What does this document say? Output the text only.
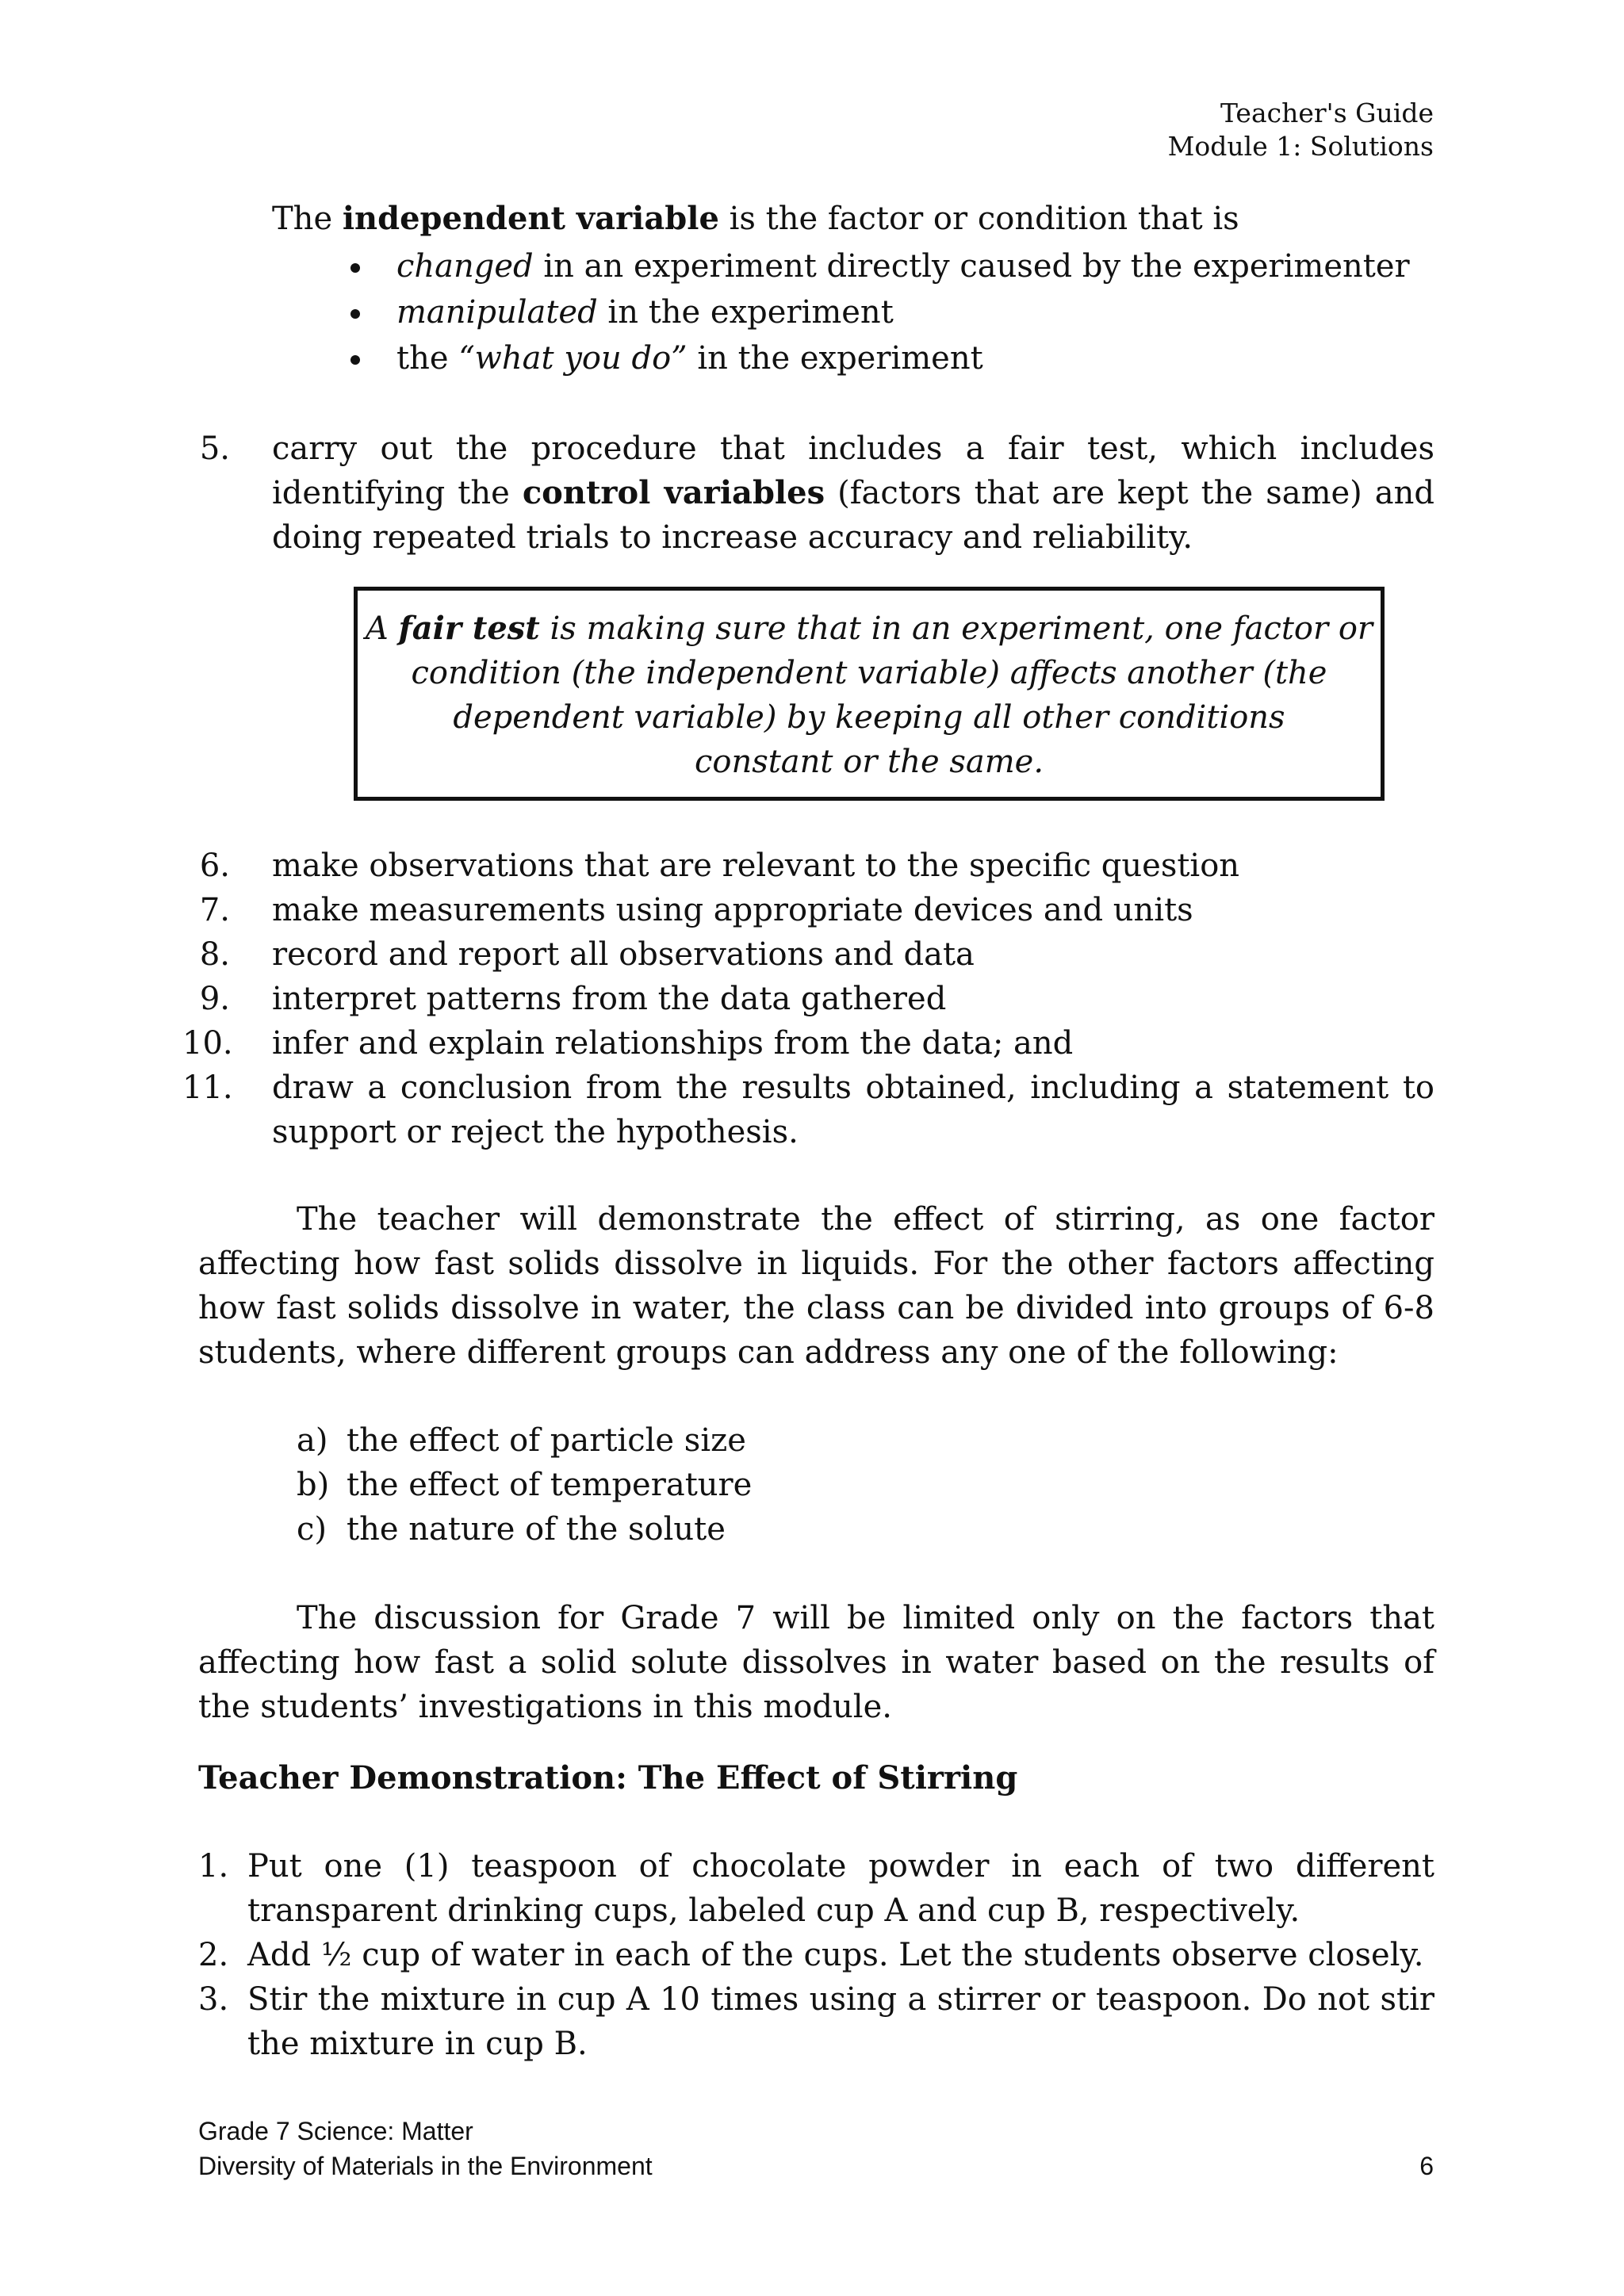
Teacher's Guide
Module 1: Solutions
The independent variable is the factor or condition that is
changed in an experiment directly caused by the experimenter
manipulated in the experiment
the “what you do” in the experiment
5. carry out the procedure that includes a fair test, which includes
identifying the control variables (factors that are kept the same) and
doing repeated trials to increase accuracy and reliability.
A fair test is making sure that in an experiment, one factor or
condition (the independent variable) affects another (the
dependent variable) by keeping all other conditions
constant or the same.
6. make observations that are relevant to the specific question
7. make measurements using appropriate devices and units
8. record and report all observations and data
9. interpret patterns from the data gathered
10. infer and explain relationships from the data; and
11. draw a conclusion from the results obtained, including a statement to
support or reject the hypothesis.
The teacher will demonstrate the effect of stirring, as one factor
affecting how fast solids dissolve in liquids. For the other factors affecting
how fast solids dissolve in water, the class can be divided into groups of 6-8
students, where different groups can address any one of the following:
a) the effect of particle size
b) the effect of temperature
c) the nature of the solute
The discussion for Grade 7 will be limited only on the factors that
affecting how fast a solid solute dissolves in water based on the results of
the students’ investigations in this module.
Teacher Demonstration: The Effect of Stirring
1. Put one (1) teaspoon of chocolate powder in each of two different
transparent drinking cups, labeled cup A and cup B, respectively.
2. Add ½ cup of water in each of the cups. Let the students observe closely.
3. Stir the mixture in cup A 10 times using a stirrer or teaspoon. Do not stir
the mixture in cup B.
Grade 7 Science: Matter
Diversity of Materials in the Environment	6
